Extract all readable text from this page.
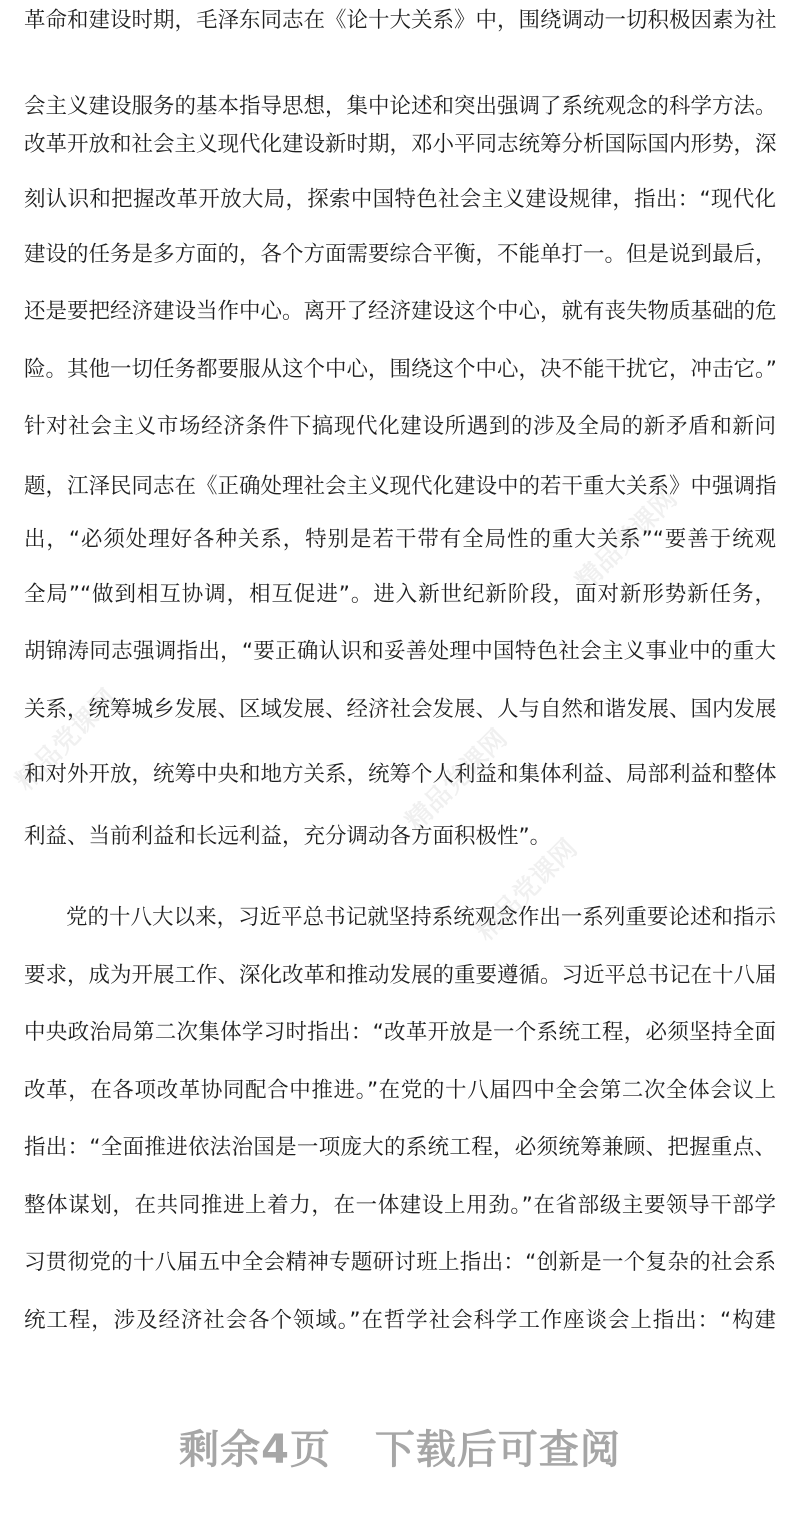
精品党课网
精品党课网
精品党课网
精品党课网
革命和建设时期，毛泽东同志在《论十大关系》中，围绕调动一切积极因素为社
会主义建设服务的基本指导思想，集中论述和突出强调了系统观念的科学方法。
改革开放和社会主义现代化建设新时期，邓小平同志统筹分析国际国内形势，深
刻认识和把握改革开放大局，探索中国特色社会主义建设规律，指出：“现代化
建设的任务是多方面的，各个方面需要综合平衡，不能单打一。但是说到最后，
还是要把经济建设当作中心。离开了经济建设这个中心，就有丧失物质基础的危
险。其他一切任务都要服从这个中心，围绕这个中心，决不能干扰它，冲击它。”
针对社会主义市场经济条件下搞现代化建设所遇到的涉及全局的新矛盾和新问
题，江泽民同志在《正确处理社会主义现代化建设中的若干重大关系》中强调指
出，“必须处理好各种关系，特别是若干带有全局性的重大关系”“要善于统观
全局”“做到相互协调，相互促进”。进入新世纪新阶段，面对新形势新任务，
胡锦涛同志强调指出，“要正确认识和妥善处理中国特色社会主义事业中的重大
关系，统筹城乡发展、区域发展、经济社会发展、人与自然和谐发展、国内发展
和对外开放，统筹中央和地方关系，统筹个人利益和集体利益、局部利益和整体
利益、当前利益和长远利益，充分调动各方面积极性”。
党的十八大以来，习近平总书记就坚持系统观念作出一系列重要论述和指示
要求，成为开展工作、深化改革和推动发展的重要遵循。习近平总书记在十八届
中央政治局第二次集体学习时指出：“改革开放是一个系统工程，必须坚持全面
改革，在各项改革协同配合中推进。”在党的十八届四中全会第二次全体会议上
指出：“全面推进依法治国是一项庞大的系统工程，必须统筹兼顾、把握重点、
整体谋划，在共同推进上着力，在一体建设上用劲。”在省部级主要领导干部学
习贯彻党的十八届五中全会精神专题研讨班上指出：“创新是一个复杂的社会系
统工程，涉及经济社会各个领域。”在哲学社会科学工作座谈会上指出：“构建
剩余4页 下载后可查阅
